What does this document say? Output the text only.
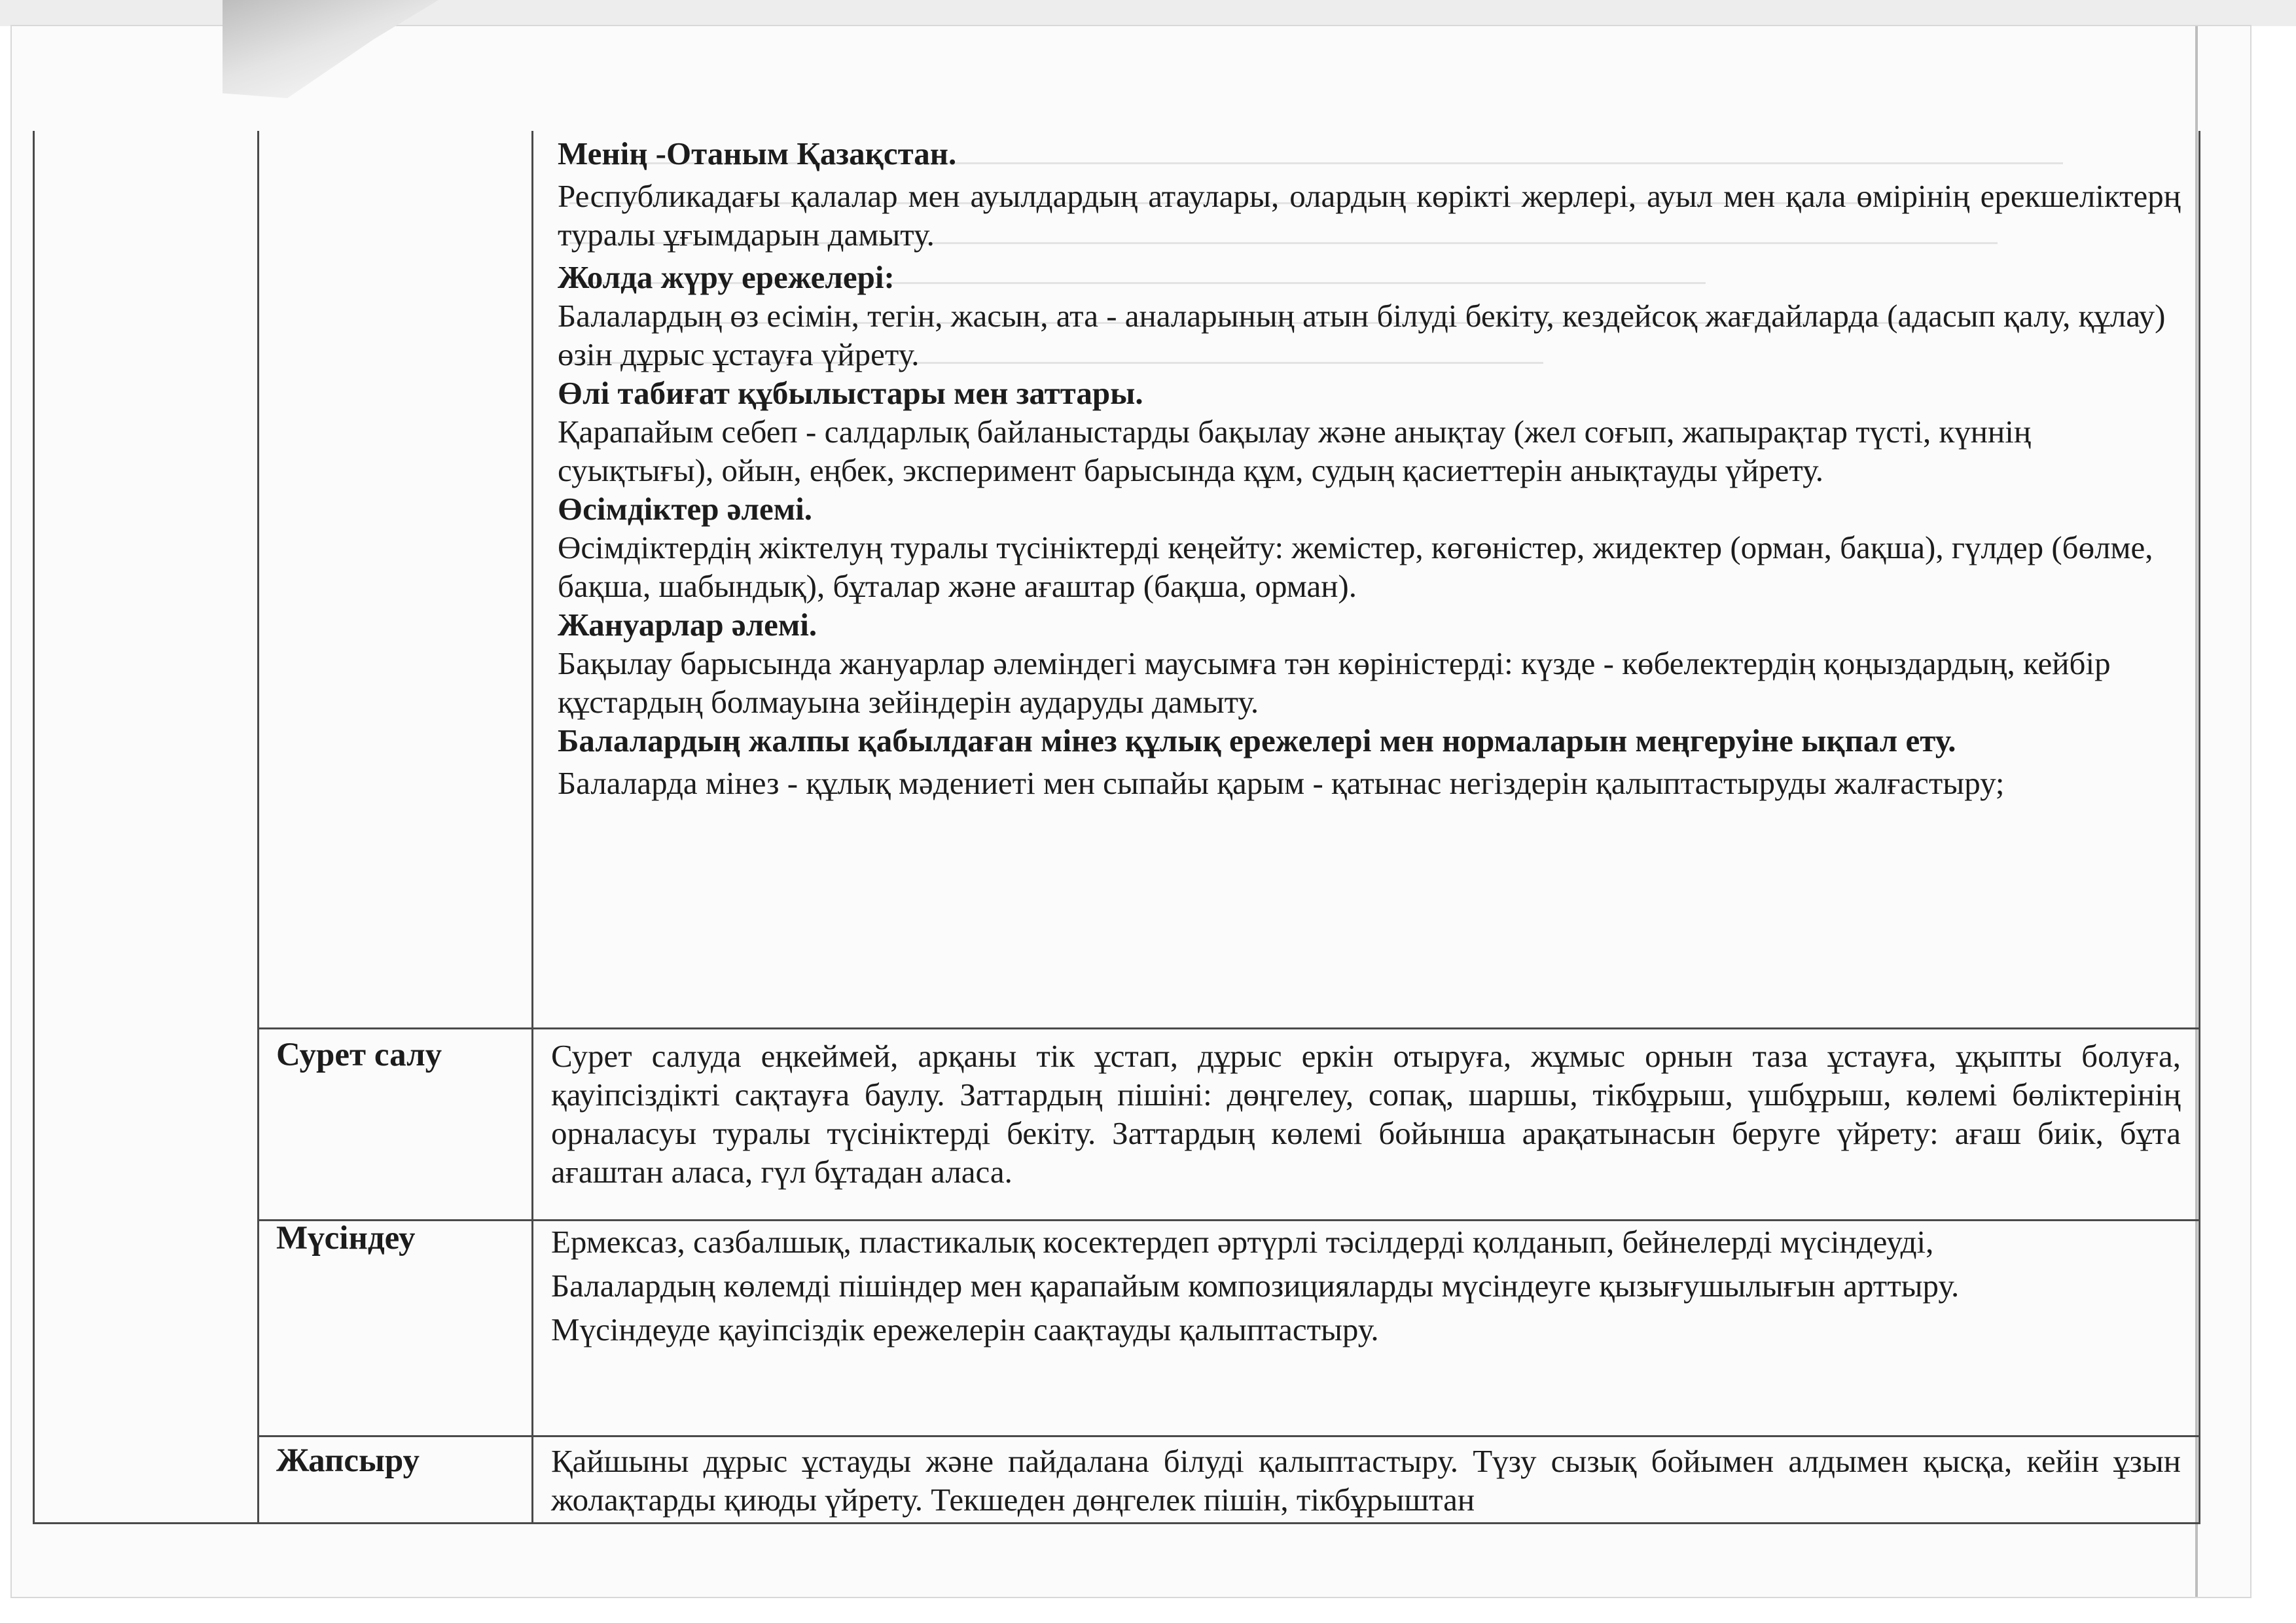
Менің -Отаным Қазақстан.

Республикадағы қалалар мен ауылдардың атаулары, олардың көрікті жерлері, ауыл мен қала өмірінің ерекшеліктерң туралы ұғымдарын дамыту.

Жолда жүру ережелері:

Балалардың өз есімін, тегін, жасын, ата - аналарының атын білуді бекіту, кездейсоқ жағдайларда (адасып қалу, құлау) өзін дұрыс ұстауға үйрету.

Өлі табиғат құбылыстары мен заттары.

Қарапайым себеп - салдарлық байланыстарды бақылау және анықтау (жел соғып, жапырақтар түсті, күннің суықтығы), ойын, еңбек, эксперимент барысында құм, судың қасиеттерін анықтауды үйрету.

Өсімдіктер әлемі.

Өсімдіктердің жіктелуң туралы түсініктерді кеңейту: жемістер, көгөністер, жидектер (орман, бақша), гүлдер (бөлме, бақша, шабындық), бұталар және ағаштар (бақша, орман).

Жануарлар әлемі.

Бақылау барысында жануарлар әлеміндегі маусымға тән көріністерді: күзде - көбелектердің қоңыздардың, кейбір құстардың болмауына зейіндерін аударуды дамыту.

Балалардың жалпы қабылдаған мінез құлық ережелері мен нормаларын меңгеруіне ықпал ету.

Балаларда мінез - құлық мәдениеті мен сыпайы қарым - қатынас негіздерін қалыптастыруды жалғастыру;

Сурет салу	Сурет салуда еңкеймей, арқаны тік ұстап, дұрыс еркін отыруға, жұмыс орнын таза ұстауға, ұқыпты болуға, қауіпсіздікті сақтауға баулу. Заттардың пішіні: дөңгелеу, сопақ, шаршы, тікбұрыш, үшбұрыш, көлемі бөліктерінің орналасуы туралы түсініктерді бекіту. Заттардың көлемі бойынша арақатынасын беруге үйрету: ағаш биік, бұта ағаштан аласа, гүл бұтадан аласа.
Мүсіндеу	Ермексаз, сазбалшық, пластикалық косектердеп әртүрлі тәсілдерді қолданып, бейнелерді мүсіндеуді,

Балалардың көлемді пішіндер мен қарапайым композицияларды мүсіндеуге қызығушылығын арттыру.

Мүсіндеуде қауіпсіздік ережелерін саақтауды қалыптастыру.

Жапсыру	Қайшыны дұрыс ұстауды және пайдалана білуді қалыптастыру. Түзу сызық бойымен алдымен қысқа, кейін ұзын жолақтарды қиюды үйрету. Текшеден дөңгелек пішін, тікбұрыштан
